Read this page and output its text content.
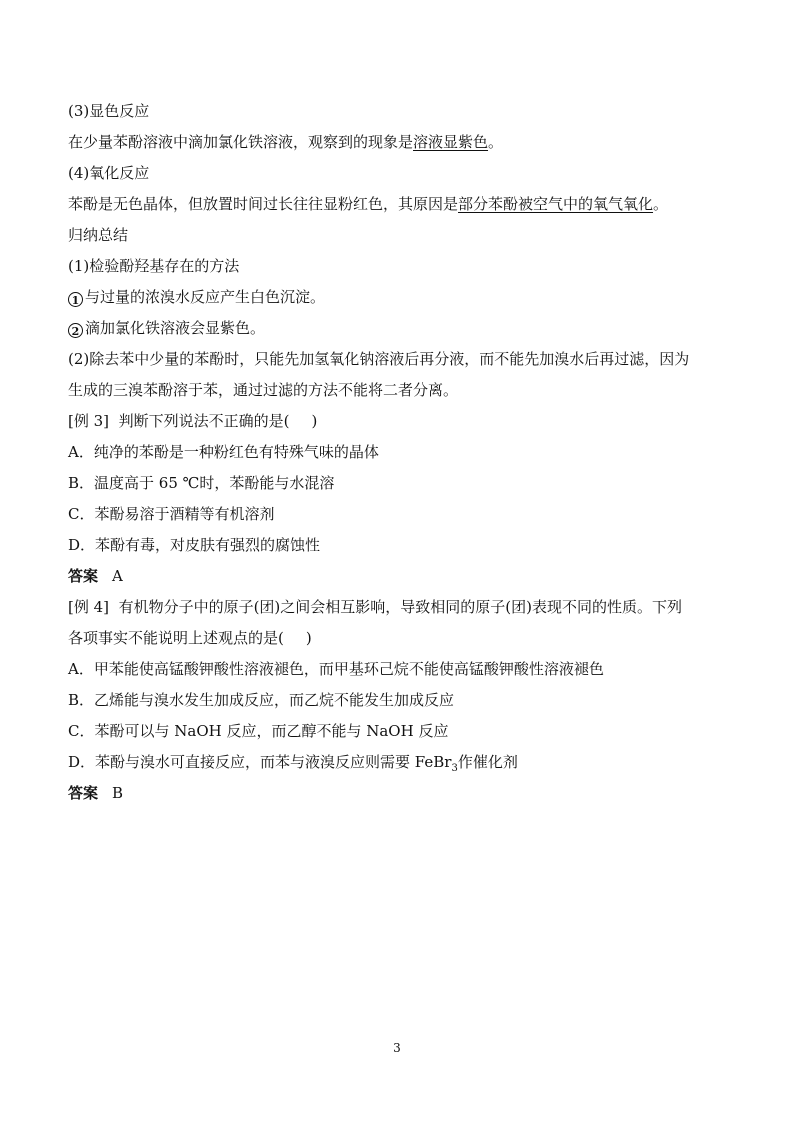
(3)显色反应
在少量苯酚溶液中滴加氯化铁溶液，观察到的现象是溶液显紫色。
(4)氧化反应
苯酚是无色晶体，但放置时间过长往往显粉红色，其原因是部分苯酚被空气中的氧气氧化。
归纳总结
(1)检验酚羟基存在的方法
1 与过量的浓溴水反应产生白色沉淀。
2 滴加氯化铁溶液会显紫色。
(2)除去苯中少量的苯酚时，只能先加氢氧化钠溶液后再分液，而不能先加溴水后再过滤，因为
生成的三溴苯酚溶于苯，通过过滤的方法不能将二者分离。
[例 3] 判断下列说法不正确的是( )
A．纯净的苯酚是一种粉红色有特殊气味的晶体
B．温度高于 65 ℃时，苯酚能与水混溶
C．苯酚易溶于酒精等有机溶剂
D．苯酚有毒，对皮肤有强烈的腐蚀性
答案 A
[例 4] 有机物分子中的原子(团)之间会相互影响，导致相同的原子(团)表现不同的性质。下列
各项事实不能说明上述观点的是( )
A．甲苯能使高锰酸钾酸性溶液褪色，而甲基环己烷不能使高锰酸钾酸性溶液褪色
B．乙烯能与溴水发生加成反应，而乙烷不能发生加成反应
C．苯酚可以与 NaOH 反应，而乙醇不能与 NaOH 反应
D．苯酚与溴水可直接反应，而苯与液溴反应则需要 FeBr$_3$作催化剂
答案 B
3
